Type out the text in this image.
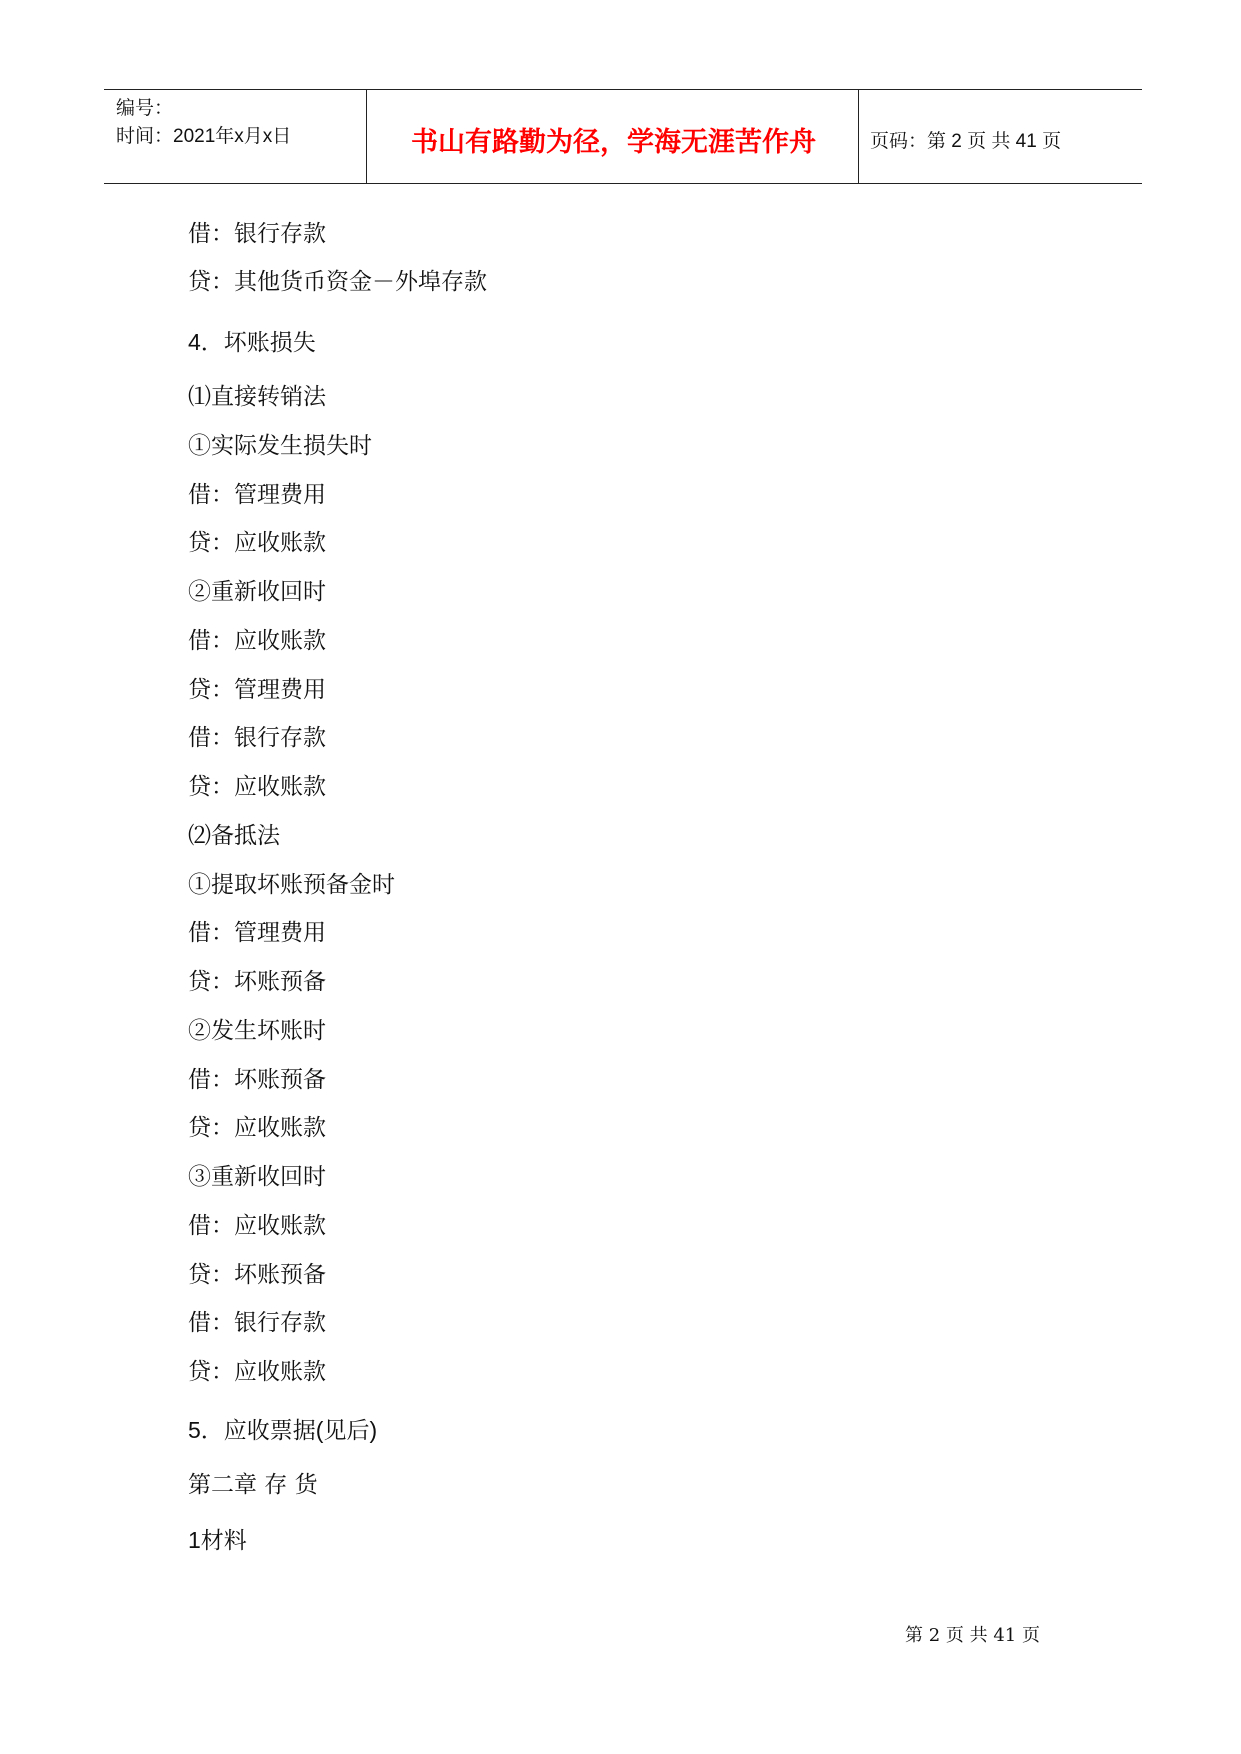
编号：
时间：2021年x月x日	书山有路勤为径，学海无涯苦作舟	页码：第 2 页 共 41 页
借：银行存款
贷：其他货币资金－外埠存款
4．坏账损失
⑴直接转销法
①实际发生损失时
借：管理费用
贷：应收账款
②重新收回时
借：应收账款
贷：管理费用
借：银行存款
贷：应收账款
⑵备抵法
①提取坏账预备金时
借：管理费用
贷：坏账预备
②发生坏账时
借：坏账预备
贷：应收账款
③重新收回时
借：应收账款
贷：坏账预备
借：银行存款
贷：应收账款
5．应收票据(见后)
第二章 存 货
1材料
第 2 页 共 41 页
